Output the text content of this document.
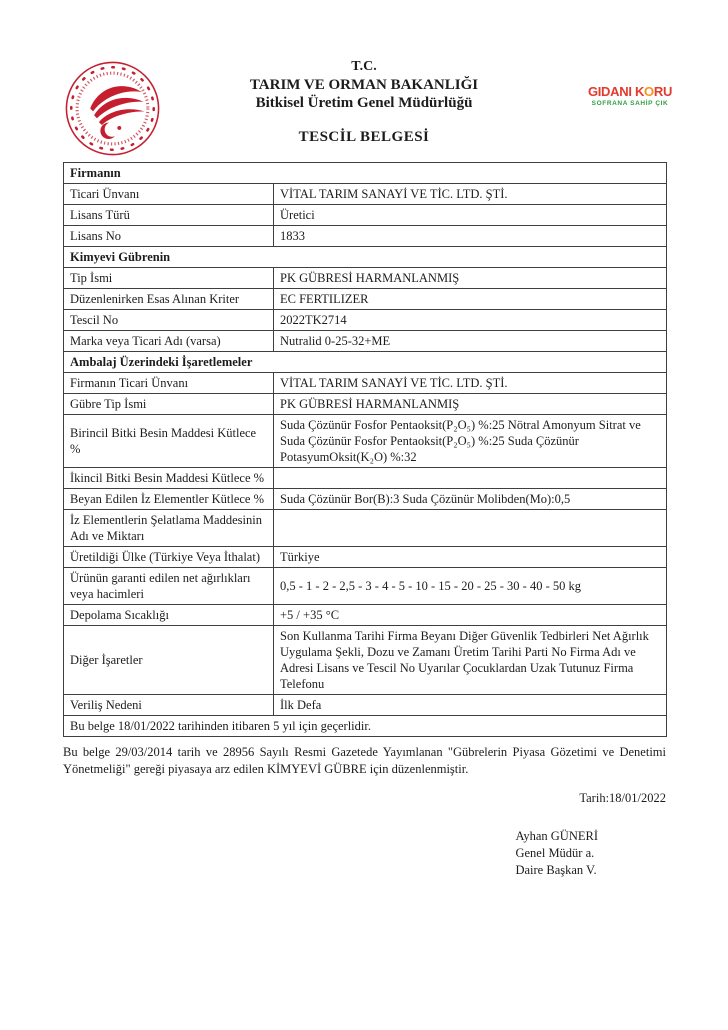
T.C.
TARIM VE ORMAN BAKANLIĞI
Bitkisel Üretim Genel Müdürlüğü
TESCİL BELGESİ
GIDANI KORU
SOFRANA SAHİP ÇIK
Firmanın	
Ticari Ünvanı	VİTAL TARIM SANAYİ VE TİC. LTD. ŞTİ.
Lisans Türü	Üretici
Lisans No	1833
Kimyevi Gübrenin	
Tip İsmi	PK GÜBRESİ HARMANLANMIŞ
Düzenlenirken Esas Alınan Kriter	EC FERTILIZER
Tescil No	2022TK2714
Marka veya Ticari Adı (varsa)	Nutralid 0-25-32+ME
Ambalaj Üzerindeki İşaretlemeler	
Firmanın Ticari Ünvanı	VİTAL TARIM SANAYİ VE TİC. LTD. ŞTİ.
Gübre Tip İsmi	PK GÜBRESİ HARMANLANMIŞ
Birincil Bitki Besin Maddesi Kütlece %	Suda Çözünür Fosfor Pentaoksit(P₂O₅) %:25 Nötral Amonyum Sitrat ve Suda Çözünür Fosfor Pentaoksit(P₂O₅) %:25 Suda Çözünür PotasyumOksit(K₂O) %:32
İkincil Bitki Besin Maddesi Kütlece %	
Beyan Edilen İz Elementler Kütlece %	Suda Çözünür Bor(B):3 Suda Çözünür Molibden(Mo):0,5
İz Elementlerin Şelatlama Maddesinin Adı ve Miktarı	
Üretildiği Ülke (Türkiye Veya İthalat)	Türkiye
Ürünün garanti edilen net ağırlıkları veya hacimleri	0,5 - 1 - 2 - 2,5 - 3 - 4 - 5 - 10 - 15 - 20 - 25 - 30 - 40 - 50 kg
Depolama Sıcaklığı	+5 / +35 °C
Diğer İşaretler	Son Kullanma Tarihi Firma Beyanı Diğer Güvenlik Tedbirleri Net Ağırlık Uygulama Şekli, Dozu ve Zamanı Üretim Tarihi Parti No Firma Adı ve Adresi Lisans ve Tescil No Uyarılar Çocuklardan Uzak Tutunuz Firma Telefonu
Veriliş Nedeni	İlk Defa
Bu belge 18/01/2022 tarihinden itibaren 5 yıl için geçerlidir.	
Bu belge 29/03/2014 tarih ve 28956 Sayılı Resmi Gazetede Yayımlanan "Gübrelerin Piyasa Gözetimi ve Denetimi Yönetmeliği" gereği piyasaya arz edilen KİMYEVİ GÜBRE için düzenlenmiştir.
Tarih:18/01/2022
Ayhan GÜNERİ
Genel Müdür a.
Daire Başkan V.
